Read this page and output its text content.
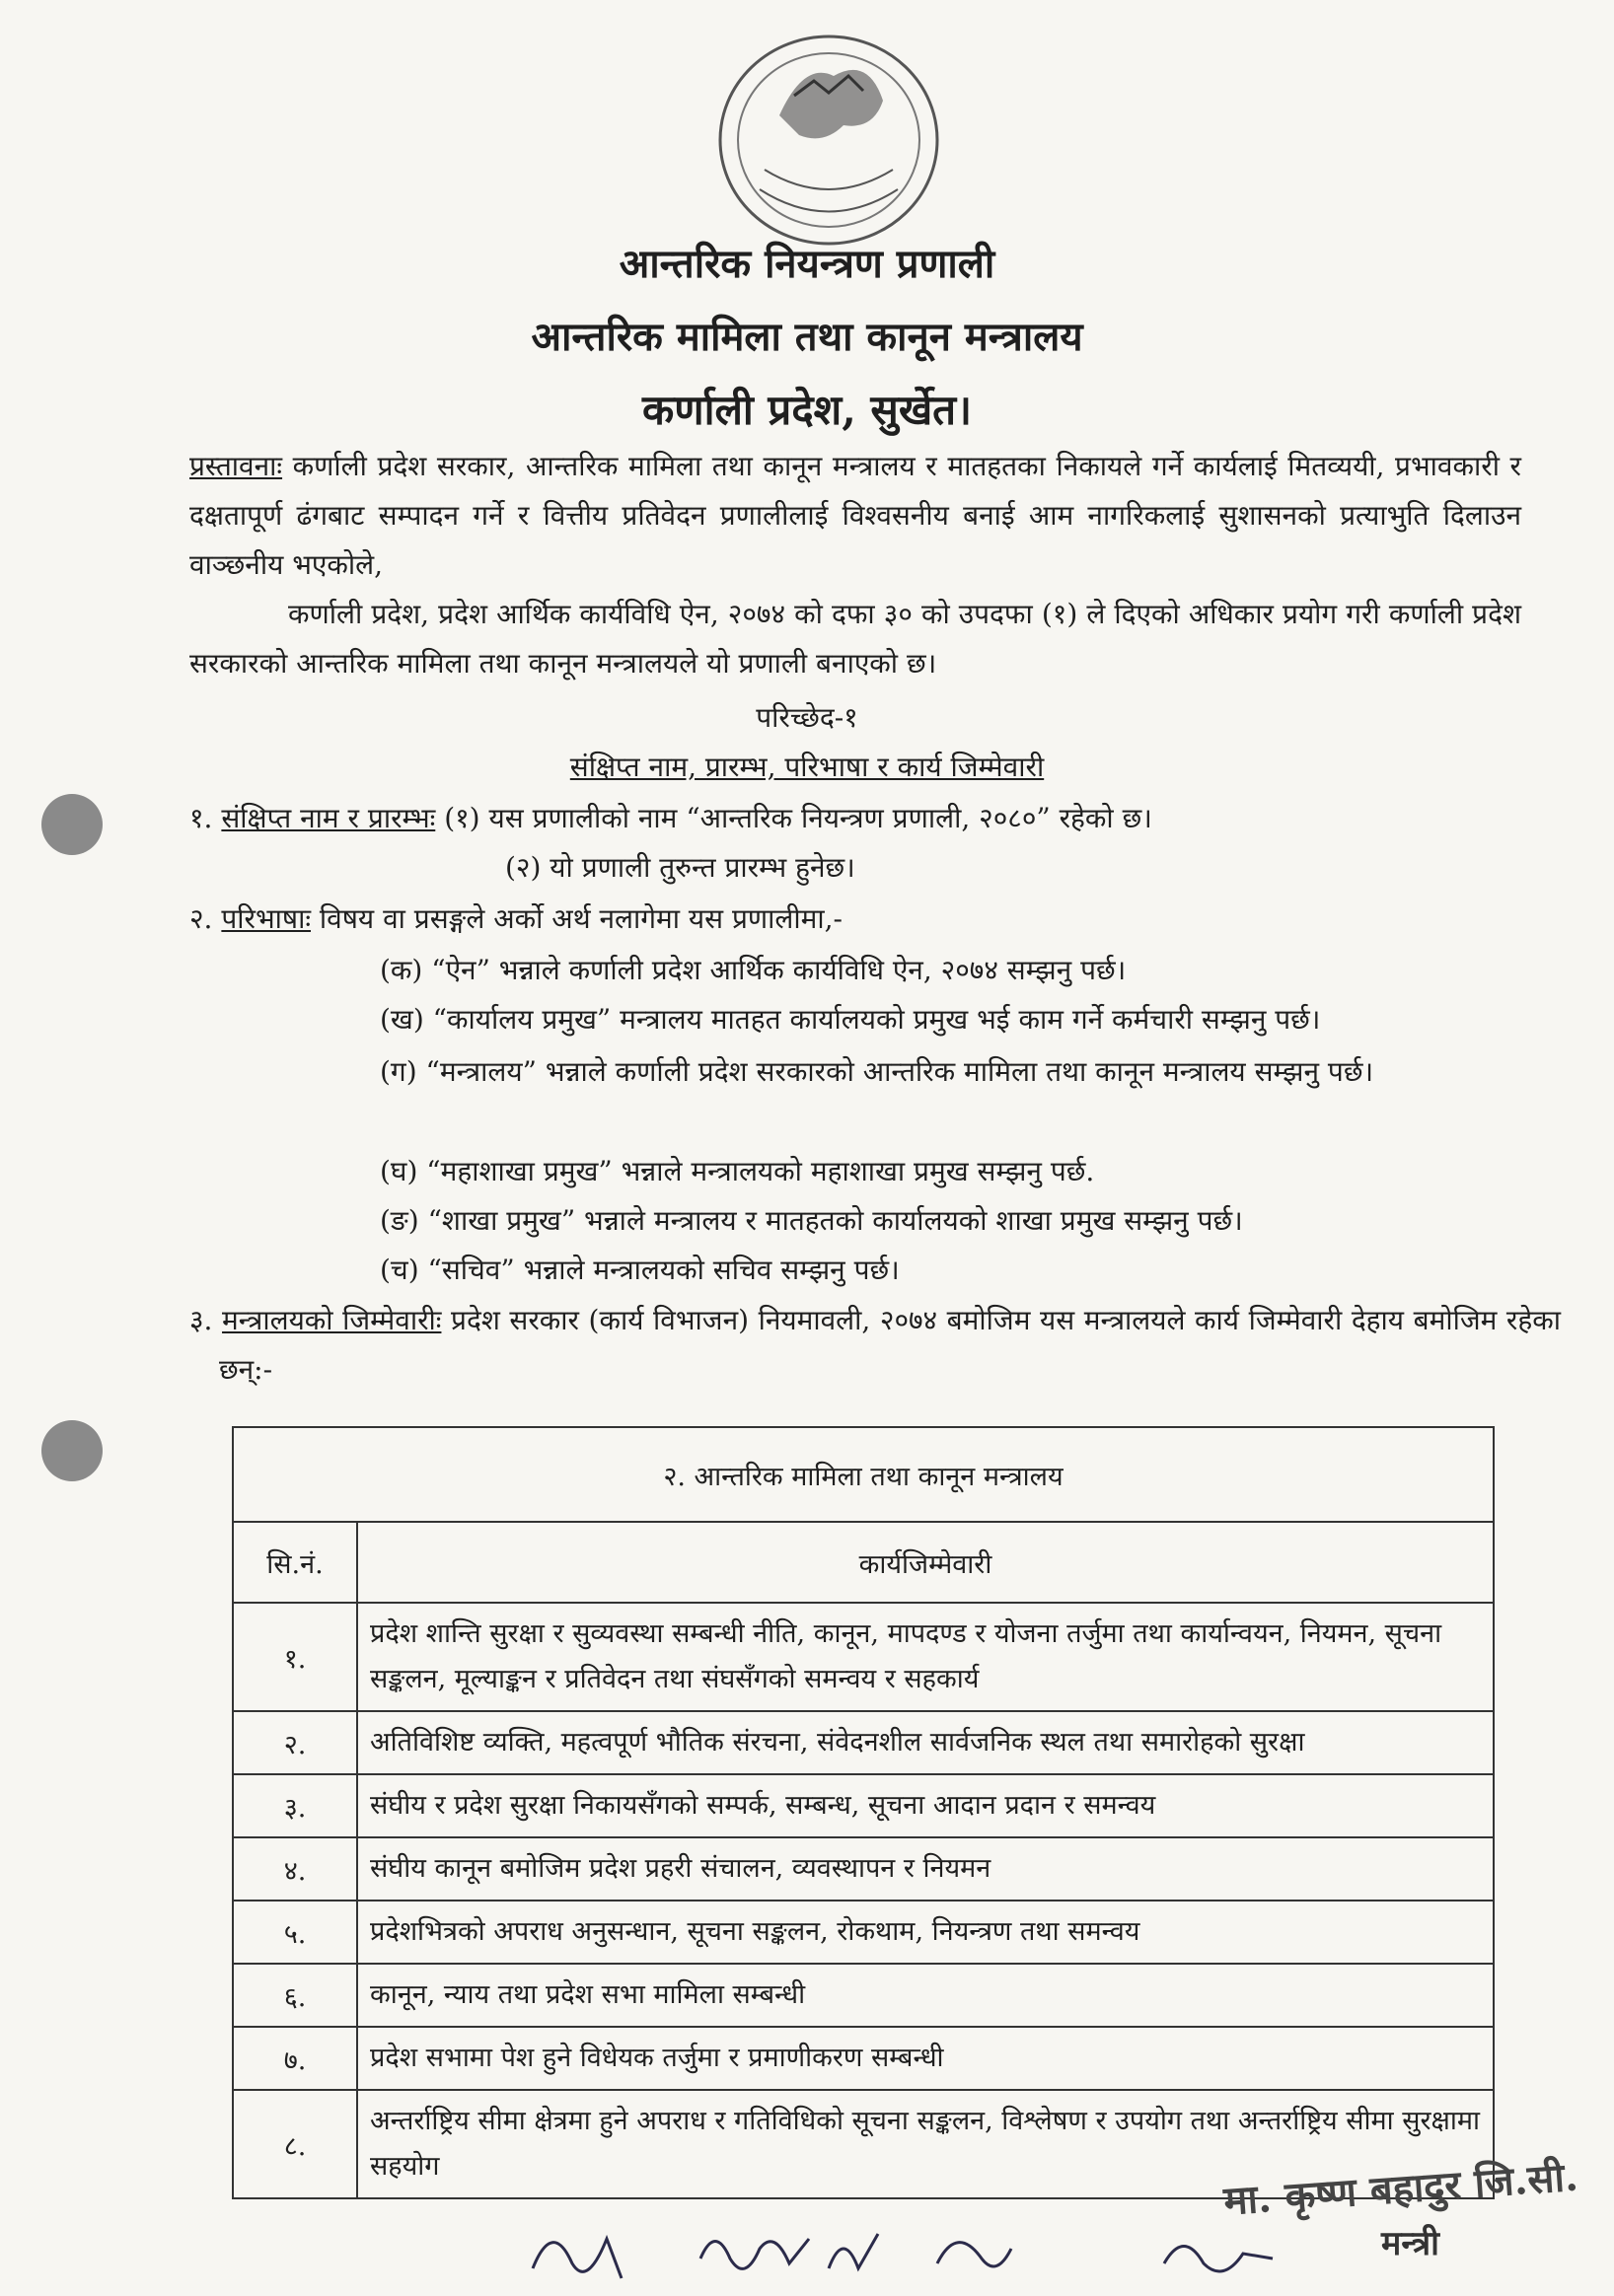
आन्तरिक नियन्त्रण प्रणाली
आन्तरिक मामिला तथा कानून मन्त्रालय
कर्णाली प्रदेश, सुर्खेत।
प्रस्तावनाः कर्णाली प्रदेश सरकार, आन्तरिक मामिला तथा कानून मन्त्रालय र मातहतका निकायले गर्ने कार्यलाई मितव्ययी, प्रभावकारी र दक्षतापूर्ण ढंगबाट सम्पादन गर्ने र वित्तीय प्रतिवेदन प्रणालीलाई विश्वसनीय बनाई आम नागरिकलाई सुशासनको प्रत्याभुति दिलाउन वाञ्छनीय भएकोले,
कर्णाली प्रदेश, प्रदेश आर्थिक कार्यविधि ऐन, २०७४ को दफा ३० को उपदफा (१) ले दिएको अधिकार प्रयोग गरी कर्णाली प्रदेश सरकारको आन्तरिक मामिला तथा कानून मन्त्रालयले यो प्रणाली बनाएको छ।
परिच्छेद-१
संक्षिप्त नाम, प्रारम्भ, परिभाषा र कार्य जिम्मेवारी
१. संक्षिप्त नाम र प्रारम्भः (१) यस प्रणालीको नाम “आन्तरिक नियन्त्रण प्रणाली, २०८०” रहेको छ।
(२) यो प्रणाली तुरुन्त प्रारम्भ हुनेछ।
२. परिभाषाः विषय वा प्रसङ्गले अर्को अर्थ नलागेमा यस प्रणालीमा,-
(क) “ऐन” भन्नाले कर्णाली प्रदेश आर्थिक कार्यविधि ऐन, २०७४ सम्झनु पर्छ।
(ख) “कार्यालय प्रमुख” मन्त्रालय मातहत कार्यालयको प्रमुख भई काम गर्ने कर्मचारी सम्झनु पर्छ।
(ग) “मन्त्रालय” भन्नाले कर्णाली प्रदेश सरकारको आन्तरिक मामिला तथा कानून मन्त्रालय सम्झनु पर्छ।
(घ) “महाशाखा प्रमुख” भन्नाले मन्त्रालयको महाशाखा प्रमुख सम्झनु पर्छ.
(ङ) “शाखा प्रमुख” भन्नाले मन्त्रालय र मातहतको कार्यालयको शाखा प्रमुख सम्झनु पर्छ।
(च) “सचिव” भन्नाले मन्त्रालयको सचिव सम्झनु पर्छ।
३. मन्त्रालयको जिम्मेवारीः प्रदेश सरकार (कार्य विभाजन) नियमावली, २०७४ बमोजिम यस मन्त्रालयले कार्य जिम्मेवारी देहाय बमोजिम रहेका छन्:-
२. आन्तरिक मामिला तथा कानून मन्त्रालय	
सि.नं.	कार्यजिम्मेवारी
१.	प्रदेश शान्ति सुरक्षा र सुव्यवस्था सम्बन्धी नीति, कानून, मापदण्ड र योजना तर्जुमा तथा कार्यान्वयन, नियमन, सूचना सङ्कलन, मूल्याङ्कन र प्रतिवेदन तथा संघसँगको समन्वय र सहकार्य
२.	अतिविशिष्ट व्यक्ति, महत्वपूर्ण भौतिक संरचना, संवेदनशील सार्वजनिक स्थल तथा समारोहको सुरक्षा
३.	संघीय र प्रदेश सुरक्षा निकायसँगको सम्पर्क, सम्बन्ध, सूचना आदान प्रदान र समन्वय
४.	संघीय कानून बमोजिम प्रदेश प्रहरी संचालन, व्यवस्थापन र नियमन
५.	प्रदेशभित्रको अपराध अनुसन्धान, सूचना सङ्कलन, रोकथाम, नियन्त्रण तथा समन्वय
६.	कानून, न्याय तथा प्रदेश सभा मामिला सम्बन्धी
७.	प्रदेश सभामा पेश हुने विधेयक तर्जुमा र प्रमाणीकरण सम्बन्धी
८.	अन्तर्राष्ट्रिय सीमा क्षेत्रमा हुने अपराध र गतिविधिको सूचना सङ्कलन, विश्लेषण र उपयोग तथा अन्तर्राष्ट्रिय सीमा सुरक्षामा सहयोग	मा. कृष्ण बहादुर जि.सी.
मन्त्री
